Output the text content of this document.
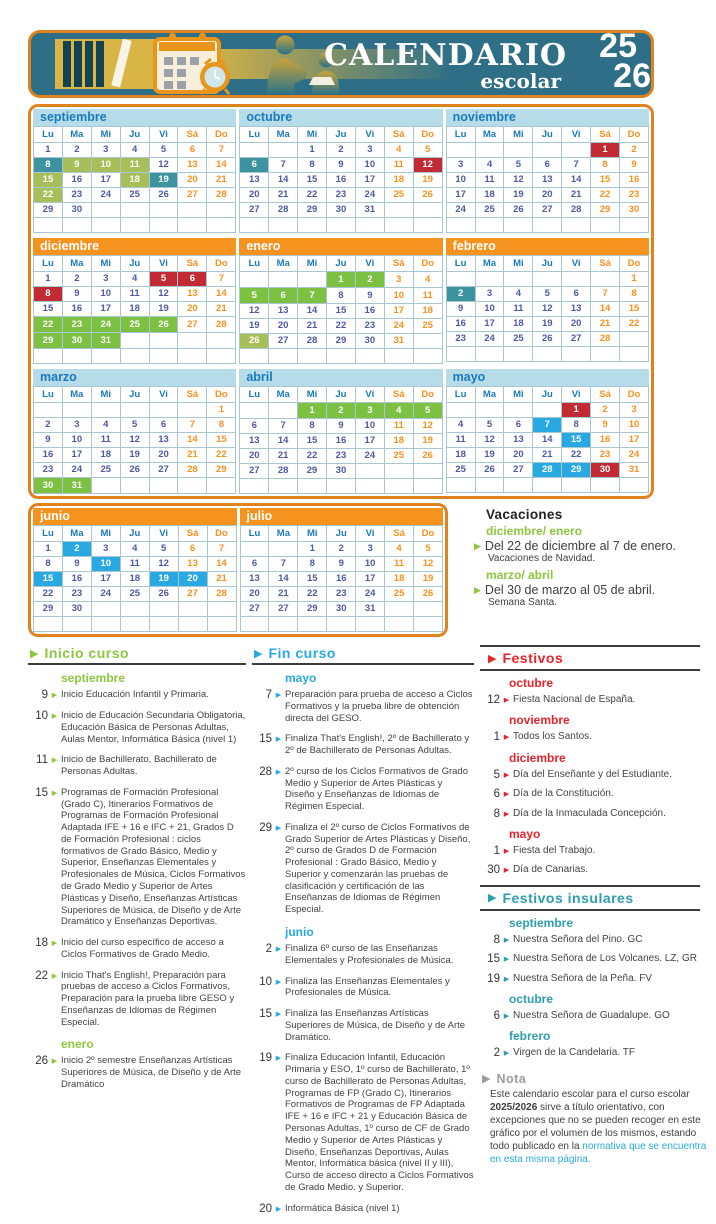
CALENDARIO
escolar
25
26
septiembre
Lu	Ma	Mi	Ju	Vi	Sá	Do
1	2	3	4	5	6	7
8	9	10	11	12	13	14
15	16	17	18	19	20	21
22	23	24	25	26	27	28
29	30					

octubre
Lu	Ma	Mi	Ju	Vi	Sá	Do
		1	2	3	4	5
6	7	8	9	10	11	12
13	14	15	16	17	18	19
20	21	22	23	24	25	26
27	28	29	30	31		

noviembre
Lu	Ma	Mi	Ju	Vi	Sá	Do
					1	2
3	4	5	6	7	8	9
10	11	12	13	14	15	16
17	18	19	20	21	22	23
24	25	26	27	28	29	30

diciembre
Lu	Ma	Mi	Ju	Vi	Sá	Do
1	2	3	4	5	6	7
8	9	10	11	12	13	14
15	16	17	18	19	20	21
22	23	24	25	26	27	28
29	30	31				

enero
Lu	Ma	Mi	Ju	Vi	Sá	Do
			1	2	3	4
5	6	7	8	9	10	11
12	13	14	15	16	17	18
19	20	21	22	23	24	25
26	27	28	29	30	31	

febrero
Lu	Ma	Mi	Ju	Vi	Sá	Do
						1
2	3	4	5	6	7	8
9	10	11	12	13	14	15
16	17	18	19	20	21	22
23	24	25	26	27	28	

marzo
Lu	Ma	Mi	Ju	Vi	Sá	Do
						1
2	3	4	5	6	7	8
9	10	11	12	13	14	15
16	17	18	19	20	21	22
23	24	25	26	27	28	29
30	31					
abril
Lu	Ma	Mi	Ju	Vi	Sá	Do
		1	2	3	4	5
6	7	8	9	10	11	12
13	14	15	16	17	18	19
20	21	22	23	24	25	26
27	28	29	30			

mayo
Lu	Ma	Mi	Ju	Vi	Sá	Do
				1	2	3
4	5	6	7	8	9	10
11	12	13	14	15	16	17
18	19	20	21	22	23	24
25	26	27	28	29	30	31

junio
Lu	Ma	Mi	Ju	Vi	Sá	Do
1	2	3	4	5	6	7
8	9	10	11	12	13	14
15	16	17	18	19	20	21
22	23	24	25	26	27	28
29	30					

julio
Lu	Ma	Mi	Ju	Vi	Sá	Do
		1	2	3	4	5
6	7	8	9	10	11	12
13	14	15	16	17	18	19
20	21	22	23	24	25	26
27	27	29	30	31		

Vacaciones
diciembre/ enero
▶ Del 22 de diciembre al 7 de enero.
Vacaciones de Navidad.
marzo/ abril
▶ Del 30 de marzo al 05 de abril.
Semana Santa.
▶ Inicio curso
septiembre
9 ▶ Inicio Educación Infantil y Primaria.
10 ▶ Inicio de Educación Secundaria Obligatoria, Educación Básica de Personas Adultas, Aulas Mentor, Informática Básica (nivel 1)
11 ▶ Inicio de Bachillerato, Bachillerato de Personas Adultas.
15 ▶ Programas de Formación Profesional (Grado C), Itinerarios Formativos de Programas de Formación Profesional Adaptada IFE + 16 e IFC + 21, Grados D de Formación Profesional : ciclos formativos de Grado Básico, Medio y Superior, Enseñanzas Elementales y Profesionales de Música, Ciclos Formativos de Grado Medio y Superior de Artes Plásticas y Diseño, Enseñanzas Artísticas Superiores de Música, de Diseño y de Arte Dramático y Enseñanzas Deportivas.
18 ▶ Inicio del curso específico de acceso a Ciclos Formativos de Grado Medio.
22 ▶ Inicio That's English!, Preparación para pruebas de acceso a Ciclos Formativos, Preparación para la prueba libre GESO y Enseñanzas de Idiomas de Régimen Especial.
enero
26 ▶ Inicio 2º semestre Enseñanzas Artísticas Superiores de Música, de Diseño y de Arte Dramático
▶ Fin curso
mayo
7 ▶ Preparación para prueba de acceso a Ciclos Formativos y la prueba libre de obtención directa del GESO.
15 ▶ Finaliza That's English!, 2º de Bachillerato y 2º de Bachillerato de Personas Adultas.
28 ▶ 2º curso de los Ciclos Formativos de Grado Medio y Superior de Artes Plásticas y Diseño y Enseñanzas de Idiomas de Régimen Especial.
29 ▶ Finaliza el 2º curso de Ciclos Formativos de Grado Superior de Artes Plásticas y Diseño, 2º curso de Grados D de Formación Profesional : Grado Básico, Medio y Superior y comenzarán las pruebas de clasificación y certificación de las Enseñanzas de Idiomas de Régimen Especial.
junio
2 ▶ Finaliza 6º curso de las Enseñanzas Elementales y Profesionales de Música.
10 ▶ Finaliza las Enseñanzas Elementales y Profesionales de Música.
15 ▶ Finaliza las Enseñanzas Artísticas Superiores de Música, de Diseño y de Arte Dramático.
19 ▶ Finaliza Educación Infantil, Educación Primaria y ESO, 1º curso de Bachillerato, 1º curso de Bachillerato de Personas Adultas, Programas de FP (Grado C), Itinerarios Formativos de Programas de FP Adaptada IFE + 16 e IFC + 21 y Educación Básica de Personas Adultas, 1º curso de CF de Grado Medio y Superior de Artes Plásticas y Diseño, Enseñanzas Deportivas, Aulas Mentor, Informática básica (nivel II y III), Curso de acceso directo a Ciclos Formativos de Grado Medio. y Superior.
20 ▶ Informática Básica (nivel 1)
▶ Festivos
octubre
12 ▶ Fiesta Nacional de España.
noviembre
1 ▶ Todos los Santos.
diciembre
5 ▶ Día del Enseñante y del Estudiante.
6 ▶ Día de la Constitución.
8 ▶ Día de la Inmaculada Concepción.
mayo
1 ▶ Fiesta del Trabajo.
30 ▶ Día de Canarias.
▶ Festivos insulares
septiembre
8 ▶ Nuestra Señora del Pino. GC
15 ▶ Nuestra Señora de Los Volcanes. LZ, GR
19 ▶ Nuestra Señora de la Peña. FV
octubre
6 ▶ Nuestra Señora de Guadalupe. GO
febrero
2 ▶ Virgen de la Candelaria. TF
▶ Nota
Este calendario escolar para el curso escolar 2025/2026 sirve a título orientativo, con excepciones que no se pueden recoger en este gráfico por el volumen de los mismos, estando todo publicado en la normativa que se encuentra en esta misma página.
